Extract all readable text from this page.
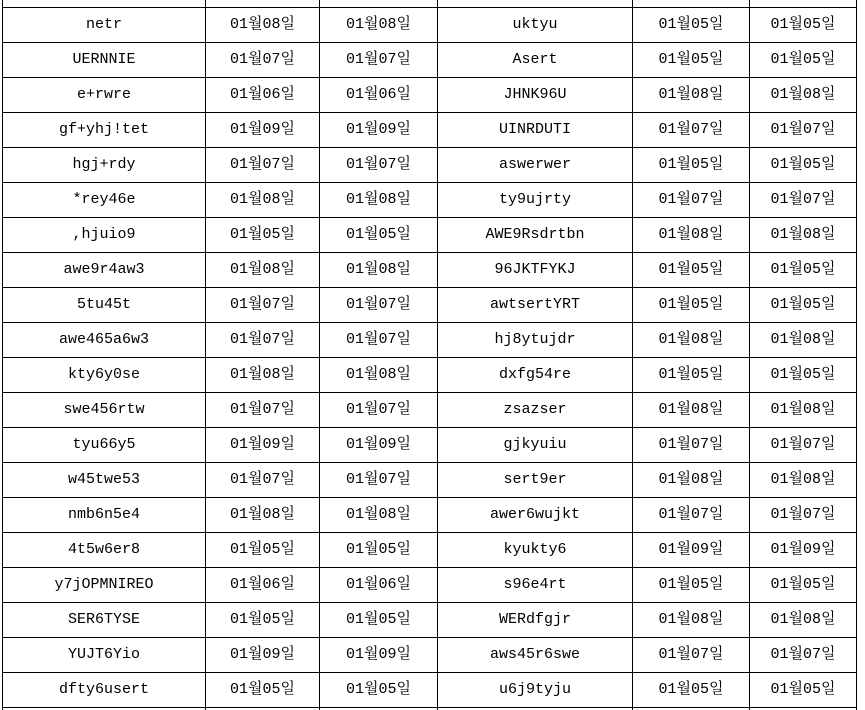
netr	01월08일	01월08일	uktyu	01월05일	01월05일
UERNNIE	01월07일	01월07일	Asert	01월05일	01월05일
e+rwre	01월06일	01월06일	JHNK96U	01월08일	01월08일
gf+yhj!tet	01월09일	01월09일	UINRDUTI	01월07일	01월07일
hgj+rdy	01월07일	01월07일	aswerwer	01월05일	01월05일
*rey46e	01월08일	01월08일	ty9ujrty	01월07일	01월07일
,hjuio9	01월05일	01월05일	AWE9Rsdrtbn	01월08일	01월08일
awe9r4aw3	01월08일	01월08일	96JKTFYKJ	01월05일	01월05일
5tu45t	01월07일	01월07일	awtsertYRT	01월05일	01월05일
awe465a6w3	01월07일	01월07일	hj8ytujdr	01월08일	01월08일
kty6y0se	01월08일	01월08일	dxfg54re	01월05일	01월05일
swe456rtw	01월07일	01월07일	zsazser	01월08일	01월08일
tyu66y5	01월09일	01월09일	gjkyuiu	01월07일	01월07일
w45twe53	01월07일	01월07일	sert9er	01월08일	01월08일
nmb6n5e4	01월08일	01월08일	awer6wujkt	01월07일	01월07일
4t5w6er8	01월05일	01월05일	kyukty6	01월09일	01월09일
y7jOPMNIREO	01월06일	01월06일	s96e4rt	01월05일	01월05일
SER6TYSE	01월05일	01월05일	WERdfgjr	01월08일	01월08일
YUJT6Yio	01월09일	01월09일	aws45r6swe	01월07일	01월07일
dfty6usert	01월05일	01월05일	u6j9tyju	01월05일	01월05일
